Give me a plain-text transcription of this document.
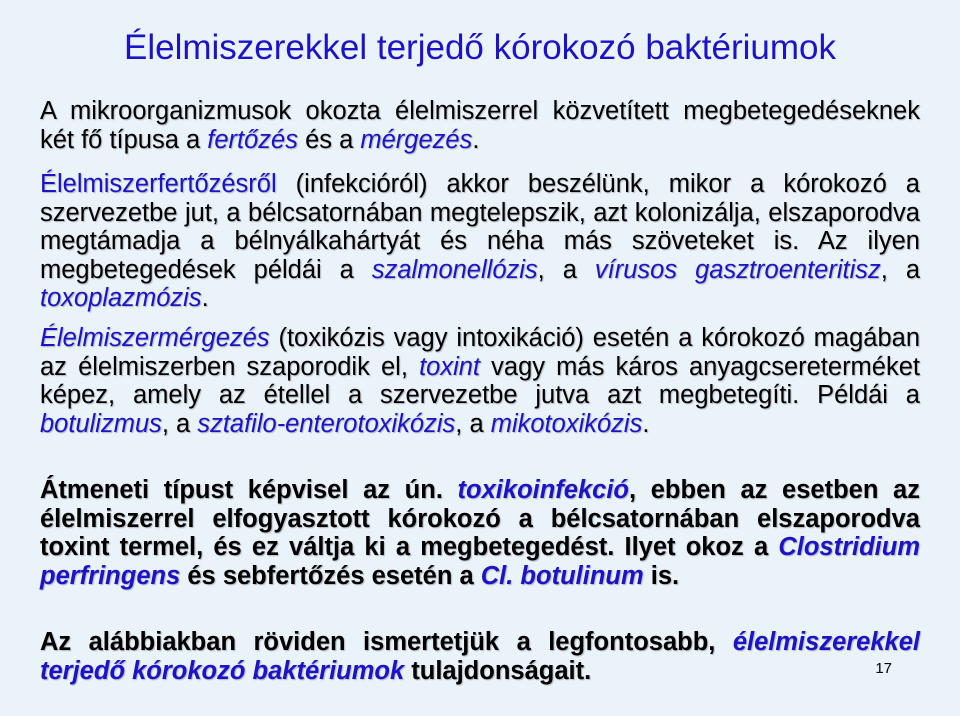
Élelmiszerekkel terjedő kórokozó baktériumok

A mikroorganizmusok okozta élelmiszerrel közvetített megbetegedéseknek két fő típusa a fertőzés és a mérgezés.

Élelmiszerfertőzésről (infekcióról) akkor beszélünk, mikor a kórokozó a szervezetbe jut, a bélcsatornában megtelepszik, azt kolonizálja, elszaporodva megtámadja a bélnyálkahártyát és néha más szöveteket is. Az ilyen megbetegedések példái a szalmonellózis, a vírusos gasztroenteritisz, a toxoplazmózis.

Élelmiszermérgezés (toxikózis vagy intoxikáció) esetén a kórokozó magában az élelmiszerben szaporodik el, toxint vagy más káros anyagcsereterméket képez, amely az étellel a szervezetbe jutva azt megbetegíti. Példái a botulizmus, a sztafilo-enterotoxikózis, a mikotoxikózis.

Átmeneti típust képvisel az ún. toxikoinfekció, ebben az esetben az élelmiszerrel elfogyasztott kórokozó a bélcsatornában elszaporodva toxint termel, és ez váltja ki a megbetegedést. Ilyet okoz a Clostridium perfringens és sebfertőzés esetén a Cl. botulinum is.

Az alábbiakban röviden ismertetjük a legfontosabb, élelmiszerekkel terjedő kórokozó baktériumok tulajdonságait.	17
